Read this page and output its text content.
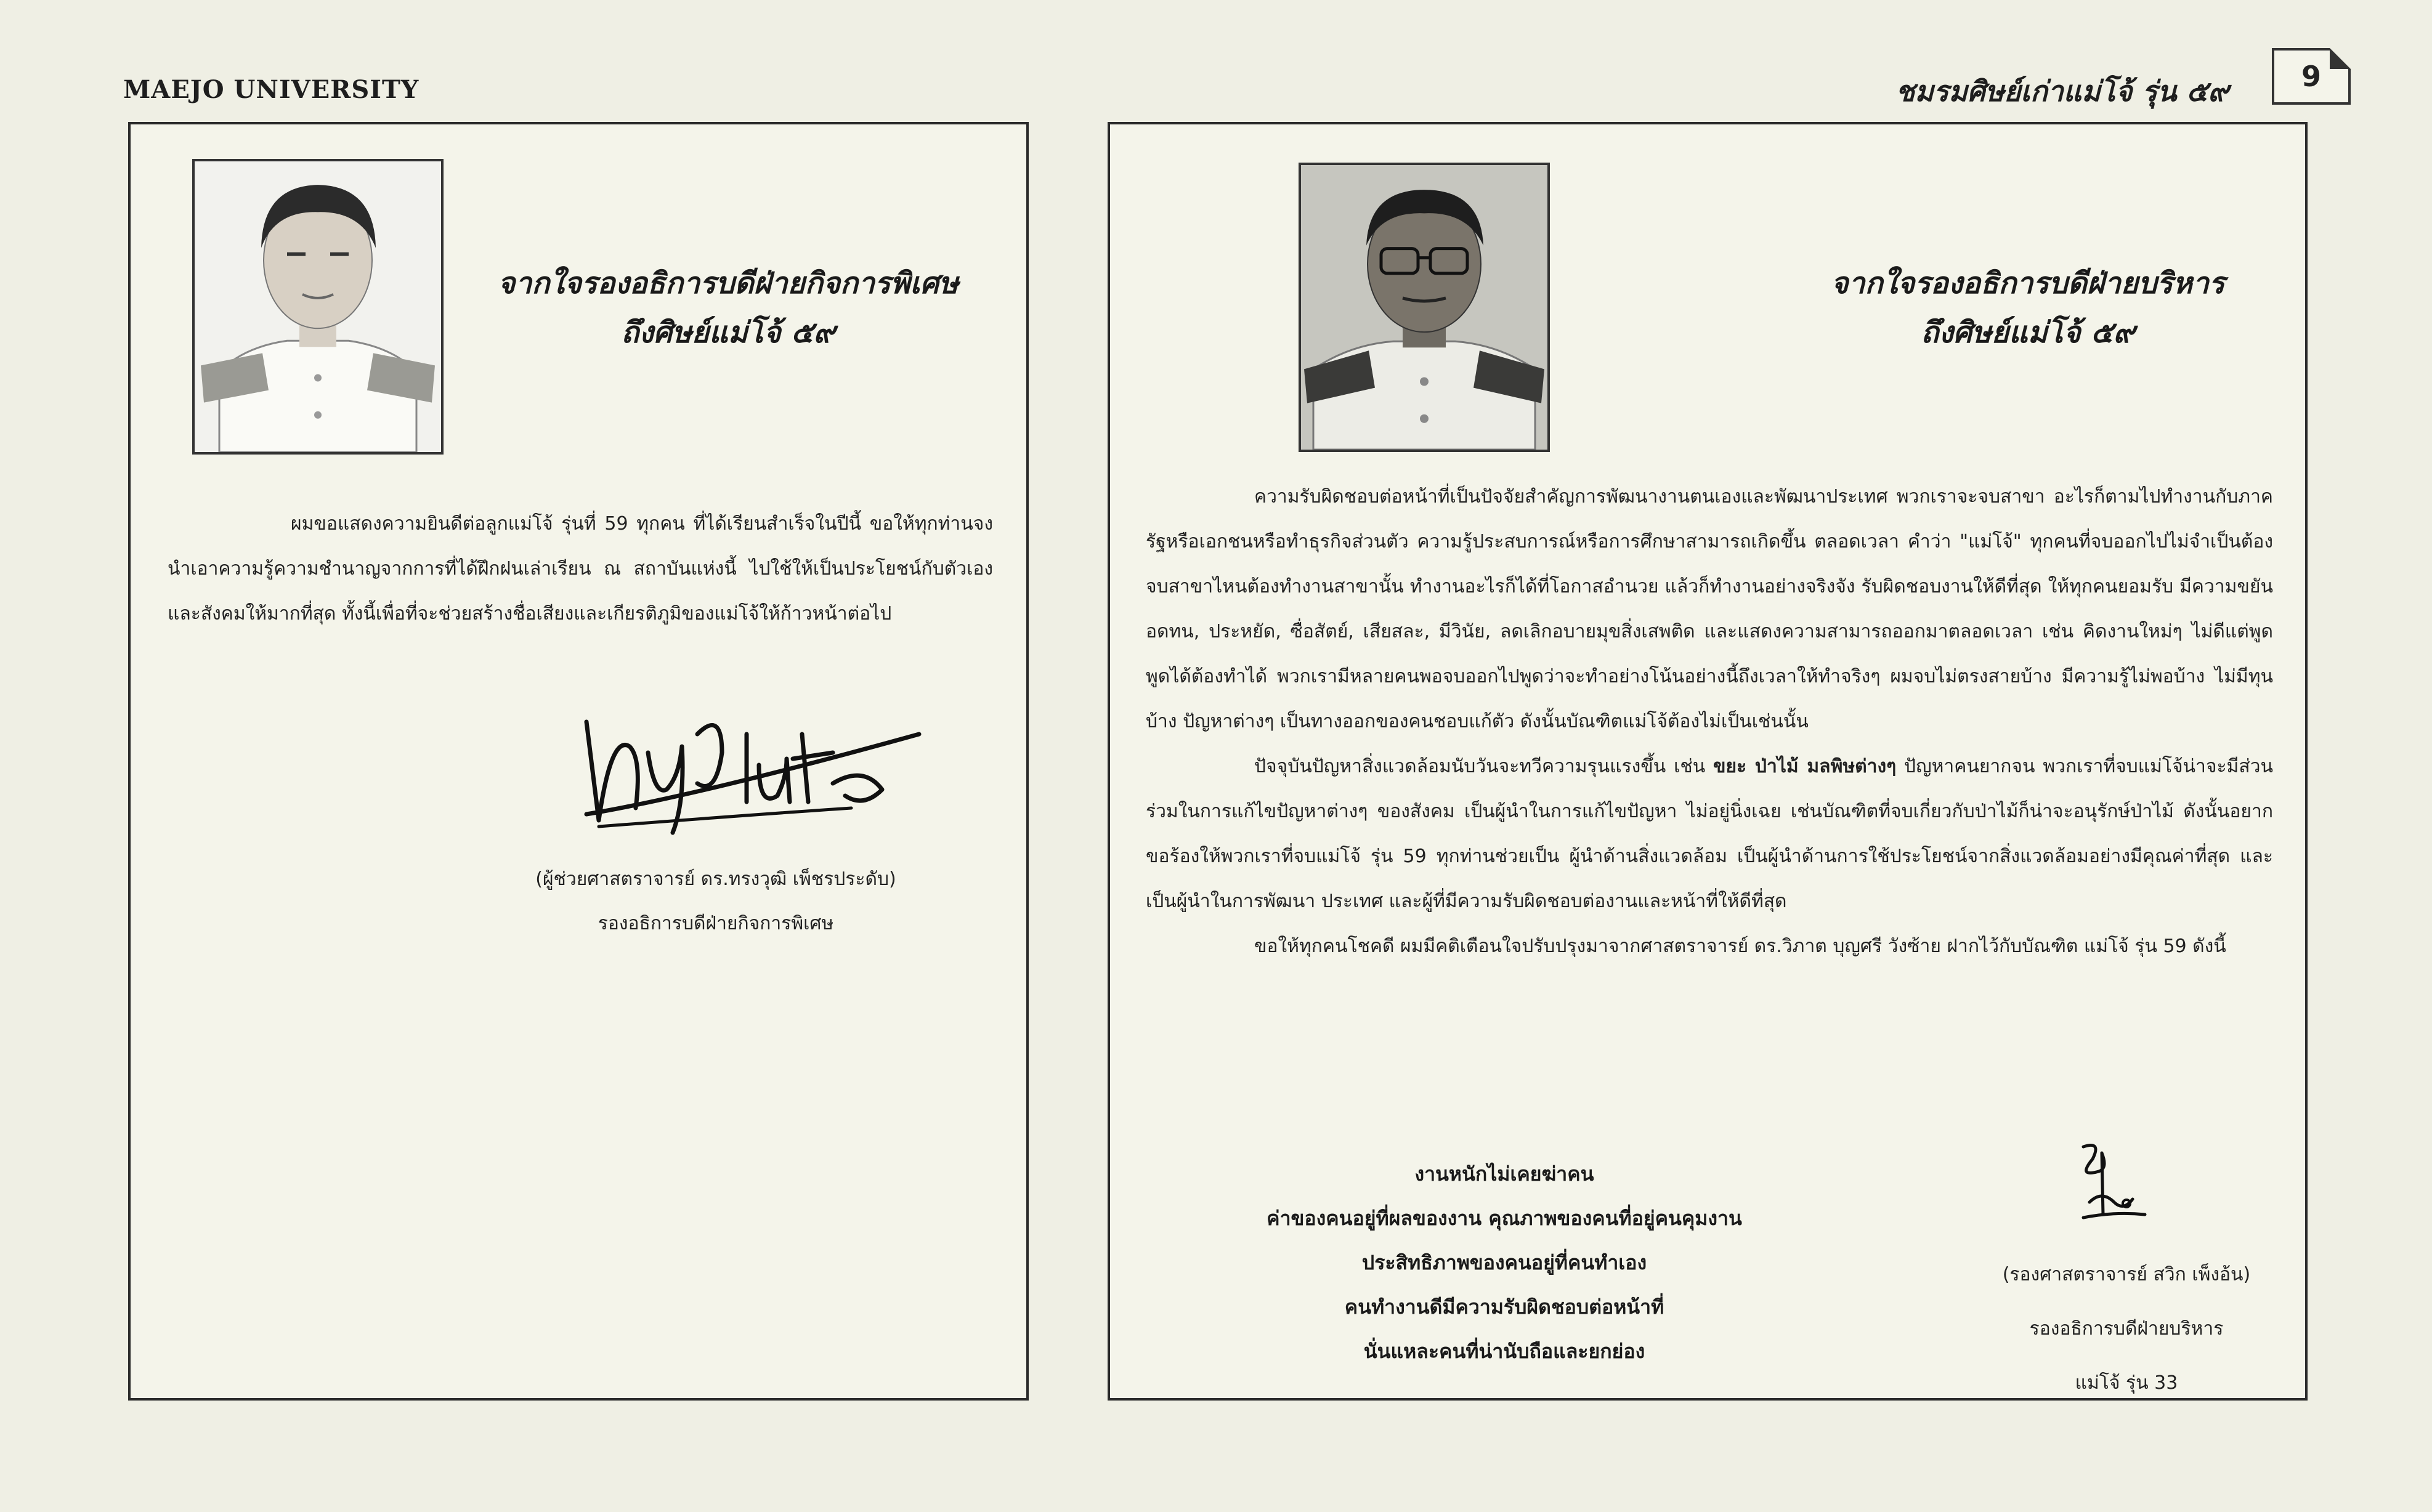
MAEJO UNIVERSITY	ชมรมศิษย์เก่าแม่โจ้ รุ่น ๕๙	9
จากใจรองอธิการบดีฝ่ายกิจการพิเศษ
ถึงศิษย์แม่โจ้ ๕๙

ผมขอแสดงความยินดีต่อลูกแม่โจ้ รุ่นที่ 59 ทุกคน ที่ได้เรียนสำเร็จในปีนี้ ขอให้ทุกท่านจงนำเอาความรู้ความชำนาญจากการที่ได้ฝึกฝนเล่าเรียน ณ สถาบันแห่งนี้ ไปใช้ให้เป็นประโยชน์กับตัวเองและสังคมให้มากที่สุด ทั้งนี้เพื่อที่จะช่วยสร้างชื่อเสียงและเกียรติภูมิของแม่โจ้ให้ก้าวหน้าต่อไป

(ผู้ช่วยศาสตราจารย์ ดร.ทรงวุฒิ เพ็ชรประดับ)
รองอธิการบดีฝ่ายกิจการพิเศษ
จากใจรองอธิการบดีฝ่ายบริหาร
ถึงศิษย์แม่โจ้ ๕๙

ความรับผิดชอบต่อหน้าที่เป็นปัจจัยสำคัญการพัฒนางานตนเองและพัฒนาประเทศ พวกเราจะจบสาขา อะไรก็ตามไปทำงานกับภาครัฐหรือเอกชนหรือทำธุรกิจส่วนตัว ความรู้ประสบการณ์หรือการศึกษาสามารถเกิดขึ้น ตลอดเวลา คำว่า "แม่โจ้" ทุกคนที่จบออกไปไม่จำเป็นต้องจบสาขาไหนต้องทำงานสาขานั้น ทำงานอะไรก็ได้ที่โอกาสอำนวย แล้วก็ทำงานอย่างจริงจัง รับผิดชอบงานให้ดีที่สุด ให้ทุกคนยอมรับ มีความขยันอดทน, ประหยัด, ซื่อสัตย์, เสียสละ, มีวินัย, ลดเลิกอบายมุขสิ่งเสพติด และแสดงความสามารถออกมาตลอดเวลา เช่น คิดงานใหม่ๆ ไม่ดีแต่พูด พูดได้ต้องทำได้ พวกเรามีหลายคนพอจบออกไปพูดว่าจะทำอย่างโน้นอย่างนี้ถึงเวลาให้ทำจริงๆ ผมจบไม่ตรงสายบ้าง มีความรู้ไม่พอบ้าง ไม่มีทุนบ้าง ปัญหาต่างๆ เป็นทางออกของคนชอบแก้ตัว ดังนั้นบัณฑิตแม่โจ้ต้องไม่เป็นเช่นนั้น

ปัจจุบันปัญหาสิ่งแวดล้อมนับวันจะทวีความรุนแรงขึ้น เช่น ขยะ ป่าไม้ มลพิษต่างๆ ปัญหาคนยากจน พวกเราที่จบแม่โจ้น่าจะมีส่วนร่วมในการแก้ไขปัญหาต่างๆ ของสังคม เป็นผู้นำในการแก้ไขปัญหา ไม่อยู่นิ่งเฉย เช่นบัณฑิตที่จบเกี่ยวกับป่าไม้ก็น่าจะอนุรักษ์ป่าไม้ ดังนั้นอยากขอร้องให้พวกเราที่จบแม่โจ้ รุ่น 59 ทุกท่านช่วยเป็น ผู้นำด้านสิ่งแวดล้อม เป็นผู้นำด้านการใช้ประโยชน์จากสิ่งแวดล้อมอย่างมีคุณค่าที่สุด และเป็นผู้นำในการพัฒนา ประเทศ และผู้ที่มีความรับผิดชอบต่องานและหน้าที่ให้ดีที่สุด

ขอให้ทุกคนโชคดี ผมมีคติเตือนใจปรับปรุงมาจากศาสตราจารย์ ดร.วิภาต บุญศรี วังซ้าย ฝากไว้กับบัณฑิต แม่โจ้ รุ่น 59 ดังนี้

งานหนักไม่เคยฆ่าคน
ค่าของคนอยู่ที่ผลของงาน คุณภาพของคนที่อยู่คนคุมงาน
ประสิทธิภาพของคนอยู่ที่คนทำเอง
คนทำงานดีมีความรับผิดชอบต่อหน้าที่
นั่นแหละคนที่น่านับถือและยกย่อง
(รองศาสตราจารย์ สวิก เพ็งอ้น)
รองอธิการบดีฝ่ายบริหาร
แม่โจ้ รุ่น 33
